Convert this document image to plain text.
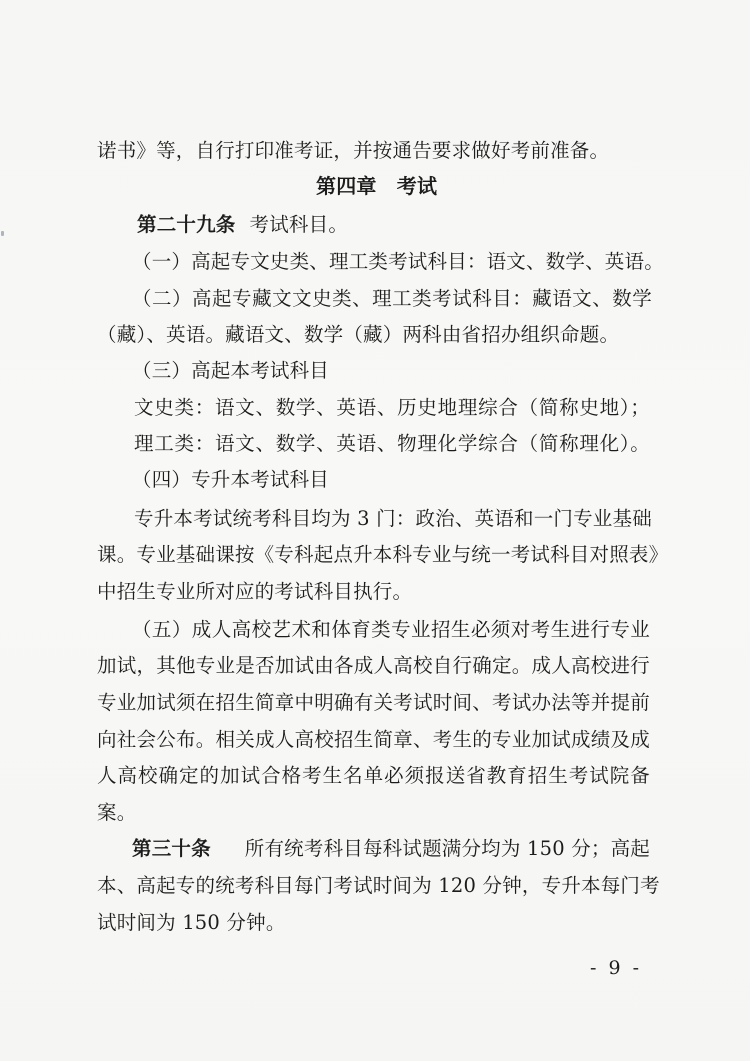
诺书》等，自行打印准考证，并按通告要求做好考前准备。
第四章　考试
第二十九条 考试科目。
（一）高起专文史类、理工类考试科目：语文、数学、英语。
（二）高起专藏文文史类、理工类考试科目：藏语文、数学
（藏）、英语。藏语文、数学（藏）两科由省招办组织命题。
（三）高起本考试科目
文史类：语文、数学、英语、历史地理综合（简称史地）；
理工类：语文、数学、英语、物理化学综合（简称理化）。
（四）专升本考试科目
专升本考试统考科目均为 3 门：政治、英语和一门专业基础
课。专业基础课按《专科起点升本科专业与统一考试科目对照表》
中招生专业所对应的考试科目执行。
（五）成人高校艺术和体育类专业招生必须对考生进行专业
加试，其他专业是否加试由各成人高校自行确定。成人高校进行
专业加试须在招生简章中明确有关考试时间、考试办法等并提前
向社会公布。相关成人高校招生简章、考生的专业加试成绩及成
人高校确定的加试合格考生名单必须报送省教育招生考试院备
案。
第三十条 所有统考科目每科试题满分均为 150 分；高起
本、高起专的统考科目每门考试时间为 120 分钟，专升本每门考
试时间为 150 分钟。
- 9 -
